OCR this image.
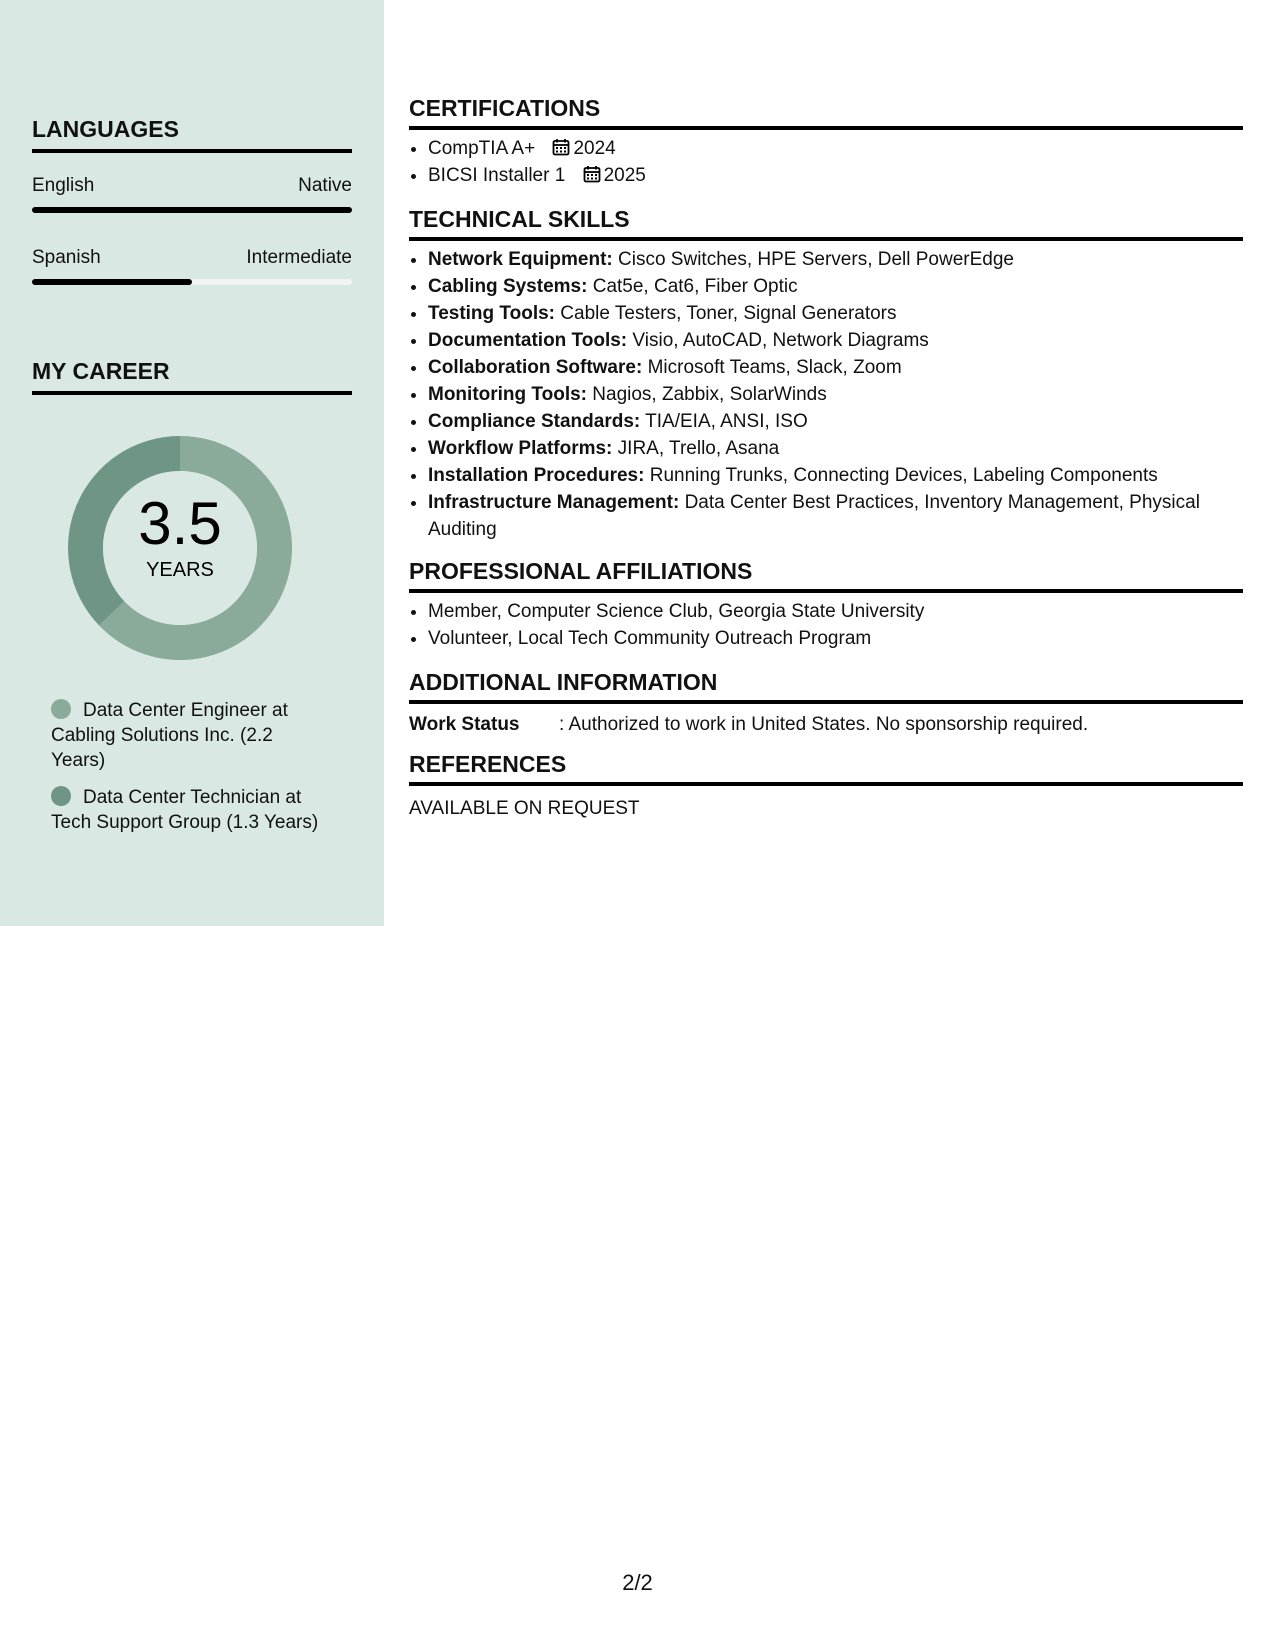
LANGUAGES
English	Native
Spanish	Intermediate
MY CAREER
3.5
YEARS
Data Center Engineer at Cabling Solutions Inc. (2.2 Years)
Data Center Technician at Tech Support Group (1.3 Years)
CERTIFICATIONS
• CompTIA A+ 2024
• BICSI Installer 1 2025
TECHNICAL SKILLS
• Network Equipment: Cisco Switches, HPE Servers, Dell PowerEdge
• Cabling Systems: Cat5e, Cat6, Fiber Optic
• Testing Tools: Cable Testers, Toner, Signal Generators
• Documentation Tools: Visio, AutoCAD, Network Diagrams
• Collaboration Software: Microsoft Teams, Slack, Zoom
• Monitoring Tools: Nagios, Zabbix, SolarWinds
• Compliance Standards: TIA/EIA, ANSI, ISO
• Workflow Platforms: JIRA, Trello, Asana
• Installation Procedures: Running Trunks, Connecting Devices, Labeling Components
• Infrastructure Management: Data Center Best Practices, Inventory Management, Physical Auditing
PROFESSIONAL AFFILIATIONS
• Member, Computer Science Club, Georgia State University
• Volunteer, Local Tech Community Outreach Program
ADDITIONAL INFORMATION
Work Status : Authorized to work in United States. No sponsorship required.
REFERENCES
AVAILABLE ON REQUEST
2/2
